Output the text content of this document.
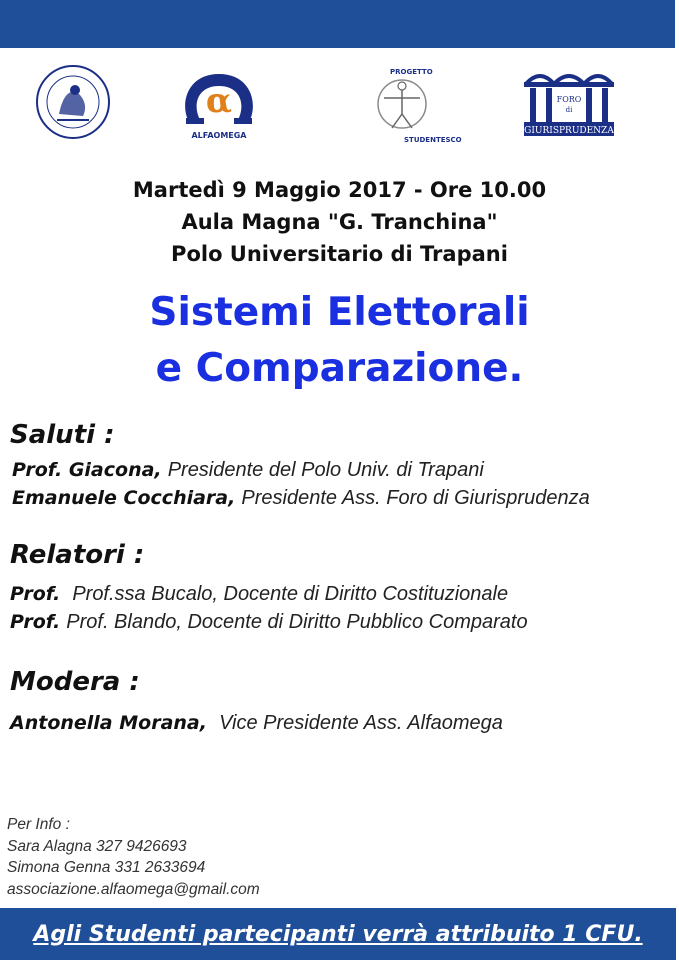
α
ALFAOMEGA
PROGETTO
STUDENTESCO
FORO
di
GIURISPRUDENZA
Martedì 9 Maggio 2017 - Ore 10.00
Aula Magna "G. Tranchina"
Polo Universitario di Trapani
Sistemi Elettorali
e Comparazione.
Saluti :
Prof. Giacona, Presidente del Polo Univ. di Trapani
Emanuele Cocchiara, Presidente Ass. Foro di Giurisprudenza
Relatori :
Prof. Prof.ssa Bucalo, Docente di Diritto Costituzionale
Prof. Prof. Blando, Docente di Diritto Pubblico Comparato
Modera :
Antonella Morana, Vice Presidente Ass. Alfaomega
Per Info :
Sara Alagna 327 9426693
Simona Genna 331 2633694
associazione.alfaomega@gmail.com
Agli Studenti partecipanti verrà attribuito 1 CFU.
